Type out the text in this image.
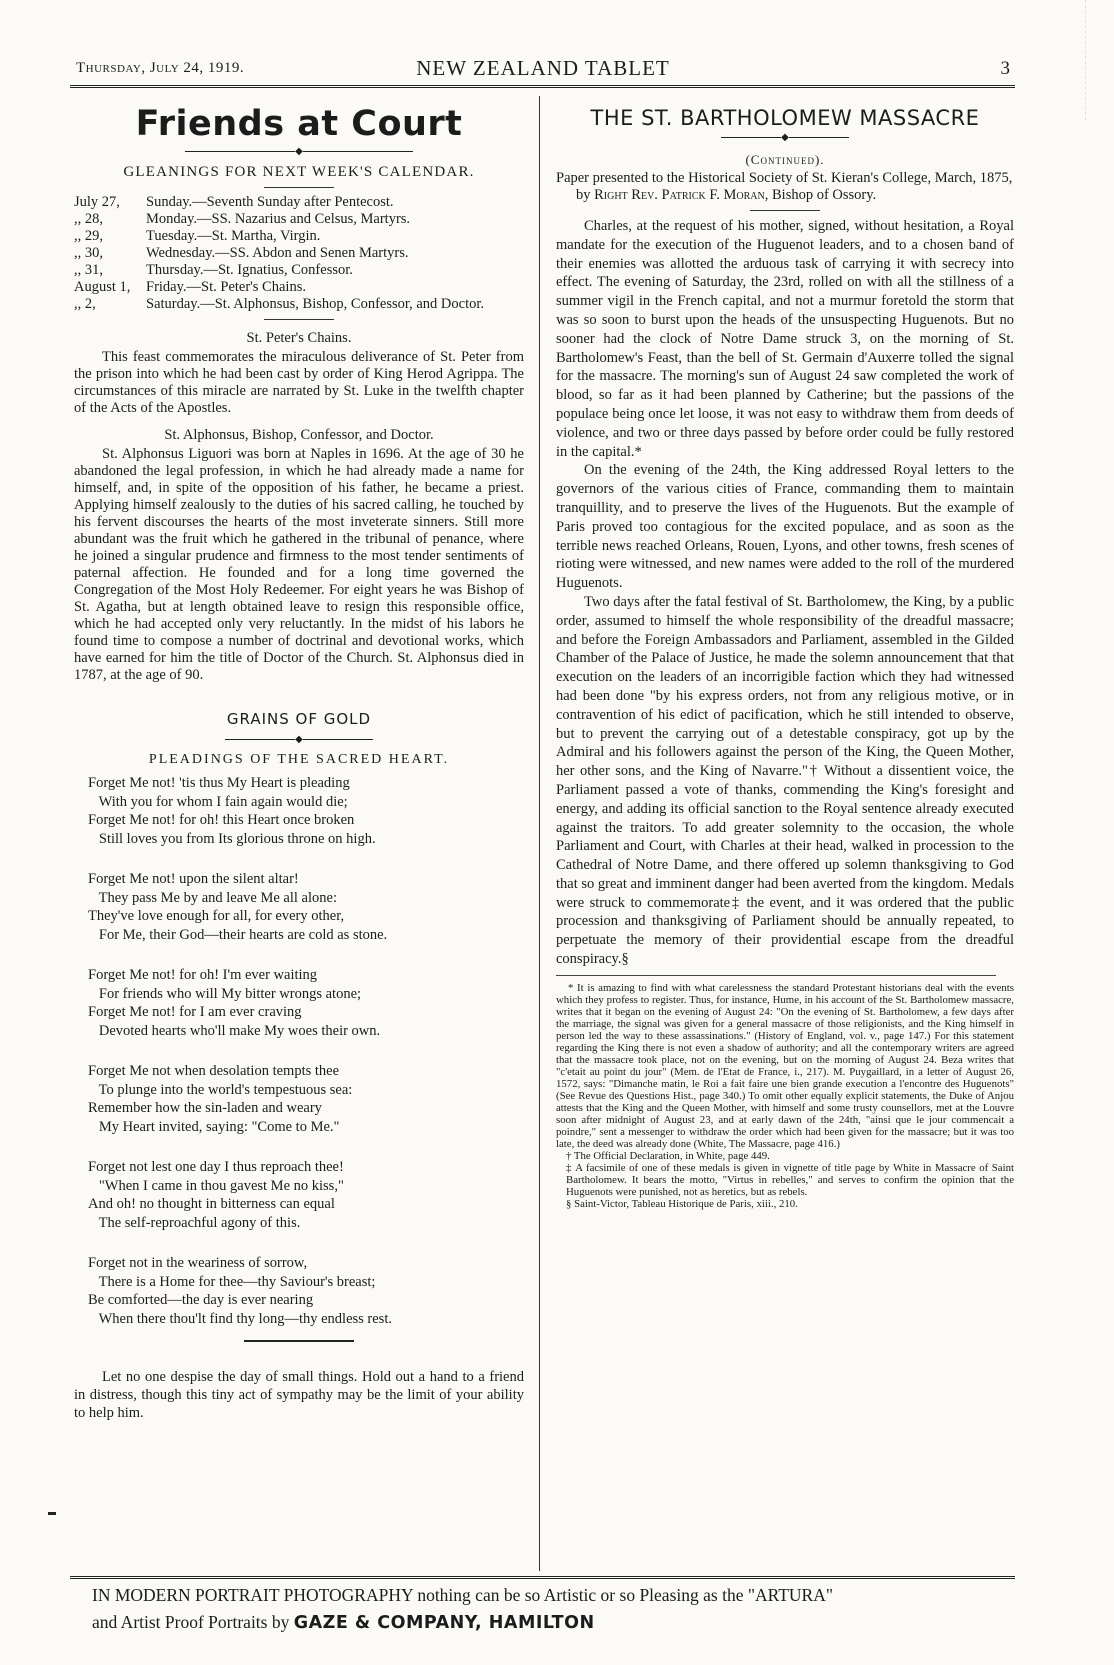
Thursday, July 24, 1919.	NEW ZEALAND TABLET	3
Friends at Court
◆
GLEANINGS FOR NEXT WEEK'S CALENDAR.
July 27,	Sunday.—Seventh Sunday after Pentecost.
,, 28,	Monday.—SS. Nazarius and Celsus, Martyrs.
,, 29,	Tuesday.—St. Martha, Virgin.
,, 30,	Wednesday.—SS. Abdon and Senen Martyrs.
,, 31,	Thursday.—St. Ignatius, Confessor.
August 1,	Friday.—St. Peter's Chains.
,, 2,	Saturday.—St. Alphonsus, Bishop, Confessor, and Doctor.
St. Peter's Chains.

This feast commemorates the miraculous deliverance of St. Peter from the prison into which he had been cast by order of King Herod Agrippa. The circumstances of this miracle are narrated by St. Luke in the twelfth chapter of the Acts of the Apostles.

St. Alphonsus, Bishop, Confessor, and Doctor.

St. Alphonsus Liguori was born at Naples in 1696. At the age of 30 he abandoned the legal profession, in which he had already made a name for himself, and, in spite of the opposition of his father, he became a priest. Applying himself zealously to the duties of his sacred calling, he touched by his fervent discourses the hearts of the most inveterate sinners. Still more abundant was the fruit which he gathered in the tribunal of penance, where he joined a singular prudence and firmness to the most tender sentiments of paternal affection. He founded and for a long time governed the Congregation of the Most Holy Redeemer. For eight years he was Bishop of St. Agatha, but at length obtained leave to resign this responsible office, which he had accepted only very reluctantly. In the midst of his labors he found time to compose a number of doctrinal and devotional works, which have earned for him the title of Doctor of the Church. St. Alphonsus died in 1787, at the age of 90.

GRAINS OF GOLD
◆
PLEADINGS OF THE SACRED HEART.
Forget Me not! 'tis thus My Heart is pleading
With you for whom I fain again would die;
Forget Me not! for oh! this Heart once broken
Still loves you from Its glorious throne on high.
Forget Me not! upon the silent altar!
They pass Me by and leave Me all alone:
They've love enough for all, for every other,
For Me, their God—their hearts are cold as stone.
Forget Me not! for oh! I'm ever waiting
For friends who will My bitter wrongs atone;
Forget Me not! for I am ever craving
Devoted hearts who'll make My woes their own.
Forget Me not when desolation tempts thee
To plunge into the world's tempestuous sea:
Remember how the sin-laden and weary
My Heart invited, saying: "Come to Me."
Forget not lest one day I thus reproach thee!
"When I came in thou gavest Me no kiss,"
And oh! no thought in bitterness can equal
The self-reproachful agony of this.
Forget not in the weariness of sorrow,
There is a Home for thee—thy Saviour's breast;
Be comforted—the day is ever nearing
When there thou'lt find thy long—thy endless rest.

Let no one despise the day of small things. Hold out a hand to a friend in distress, though this tiny act of sympathy may be the limit of your ability to help him.

THE ST. BARTHOLOMEW MASSACRE
◆
(Continued).

Paper presented to the Historical Society of St. Kieran's College, March, 1875, by Right Rev. Patrick F. Moran, Bishop of Ossory.

Charles, at the request of his mother, signed, without hesitation, a Royal mandate for the execution of the Huguenot leaders, and to a chosen band of their enemies was allotted the arduous task of carrying it with secrecy into effect. The evening of Saturday, the 23rd, rolled on with all the stillness of a summer vigil in the French capital, and not a murmur foretold the storm that was so soon to burst upon the heads of the unsuspecting Huguenots. But no sooner had the clock of Notre Dame struck 3, on the morning of St. Bartholomew's Feast, than the bell of St. Germain d'Auxerre tolled the signal for the massacre. The morning's sun of August 24 saw completed the work of blood, so far as it had been planned by Catherine; but the passions of the populace being once let loose, it was not easy to withdraw them from deeds of violence, and two or three days passed by before order could be fully restored in the capital.*

On the evening of the 24th, the King addressed Royal letters to the governors of the various cities of France, commanding them to maintain tranquillity, and to preserve the lives of the Huguenots. But the example of Paris proved too contagious for the excited populace, and as soon as the terrible news reached Orleans, Rouen, Lyons, and other towns, fresh scenes of rioting were witnessed, and new names were added to the roll of the murdered Huguenots.

Two days after the fatal festival of St. Bartholomew, the King, by a public order, assumed to himself the whole responsibility of the dreadful massacre; and before the Foreign Ambassadors and Parliament, assembled in the Gilded Chamber of the Palace of Justice, he made the solemn announcement that that execution on the leaders of an incorrigible faction which they had witnessed had been done "by his express orders, not from any religious motive, or in contravention of his edict of pacification, which he still intended to observe, but to prevent the carrying out of a detestable conspiracy, got up by the Admiral and his followers against the person of the King, the Queen Mother, her other sons, and the King of Navarre."† Without a dissentient voice, the Parliament passed a vote of thanks, commending the King's foresight and energy, and adding its official sanction to the Royal sentence already executed against the traitors. To add greater solemnity to the occasion, the whole Parliament and Court, with Charles at their head, walked in procession to the Cathedral of Notre Dame, and there offered up solemn thanksgiving to God that so great and imminent danger had been averted from the kingdom. Medals were struck to commemorate‡ the event, and it was ordered that the public procession and thanksgiving of Parliament should be annually repeated, to perpetuate the memory of their providential escape from the dreadful conspiracy.§

* It is amazing to find with what carelessness the standard Protestant historians deal with the events which they profess to register. Thus, for instance, Hume, in his account of the St. Bartholomew massacre, writes that it began on the evening of August 24: "On the evening of St. Bartholomew, a few days after the marriage, the signal was given for a general massacre of those religionists, and the King himself in person led the way to these assassinations." (History of England, vol. v., page 147.) For this statement regarding the King there is not even a shadow of authority; and all the contemporary writers are agreed that the massacre took place, not on the evening, but on the morning of August 24. Beza writes that "c'etait au point du jour" (Mem. de l'Etat de France, i., 217). M. Puygaillard, in a letter of August 26, 1572, says: "Dimanche matin, le Roi a fait faire une bien grande execution a l'encontre des Huguenots" (See Revue des Questions Hist., page 340.) To omit other equally explicit statements, the Duke of Anjou attests that the King and the Queen Mother, with himself and some trusty counsellors, met at the Louvre soon after midnight of August 23, and at early dawn of the 24th, "ainsi que le jour commencait a poindre," sent a messenger to withdraw the order which had been given for the massacre; but it was too late, the deed was already done (White, The Massacre, page 416.)

† The Official Declaration, in White, page 449.

‡ A facsimile of one of these medals is given in vignette of title page by White in Massacre of Saint Bartholomew. It bears the motto, "Virtus in rebelles," and serves to confirm the opinion that the Huguenots were punished, not as heretics, but as rebels.

§ Saint-Victor, Tableau Historique de Paris, xiii., 210.

IN MODERN PORTRAIT PHOTOGRAPHY nothing can be so Artistic or so Pleasing as the "ARTURA"
and Artist Proof Portraits by GAZE & COMPANY, HAMILTON
